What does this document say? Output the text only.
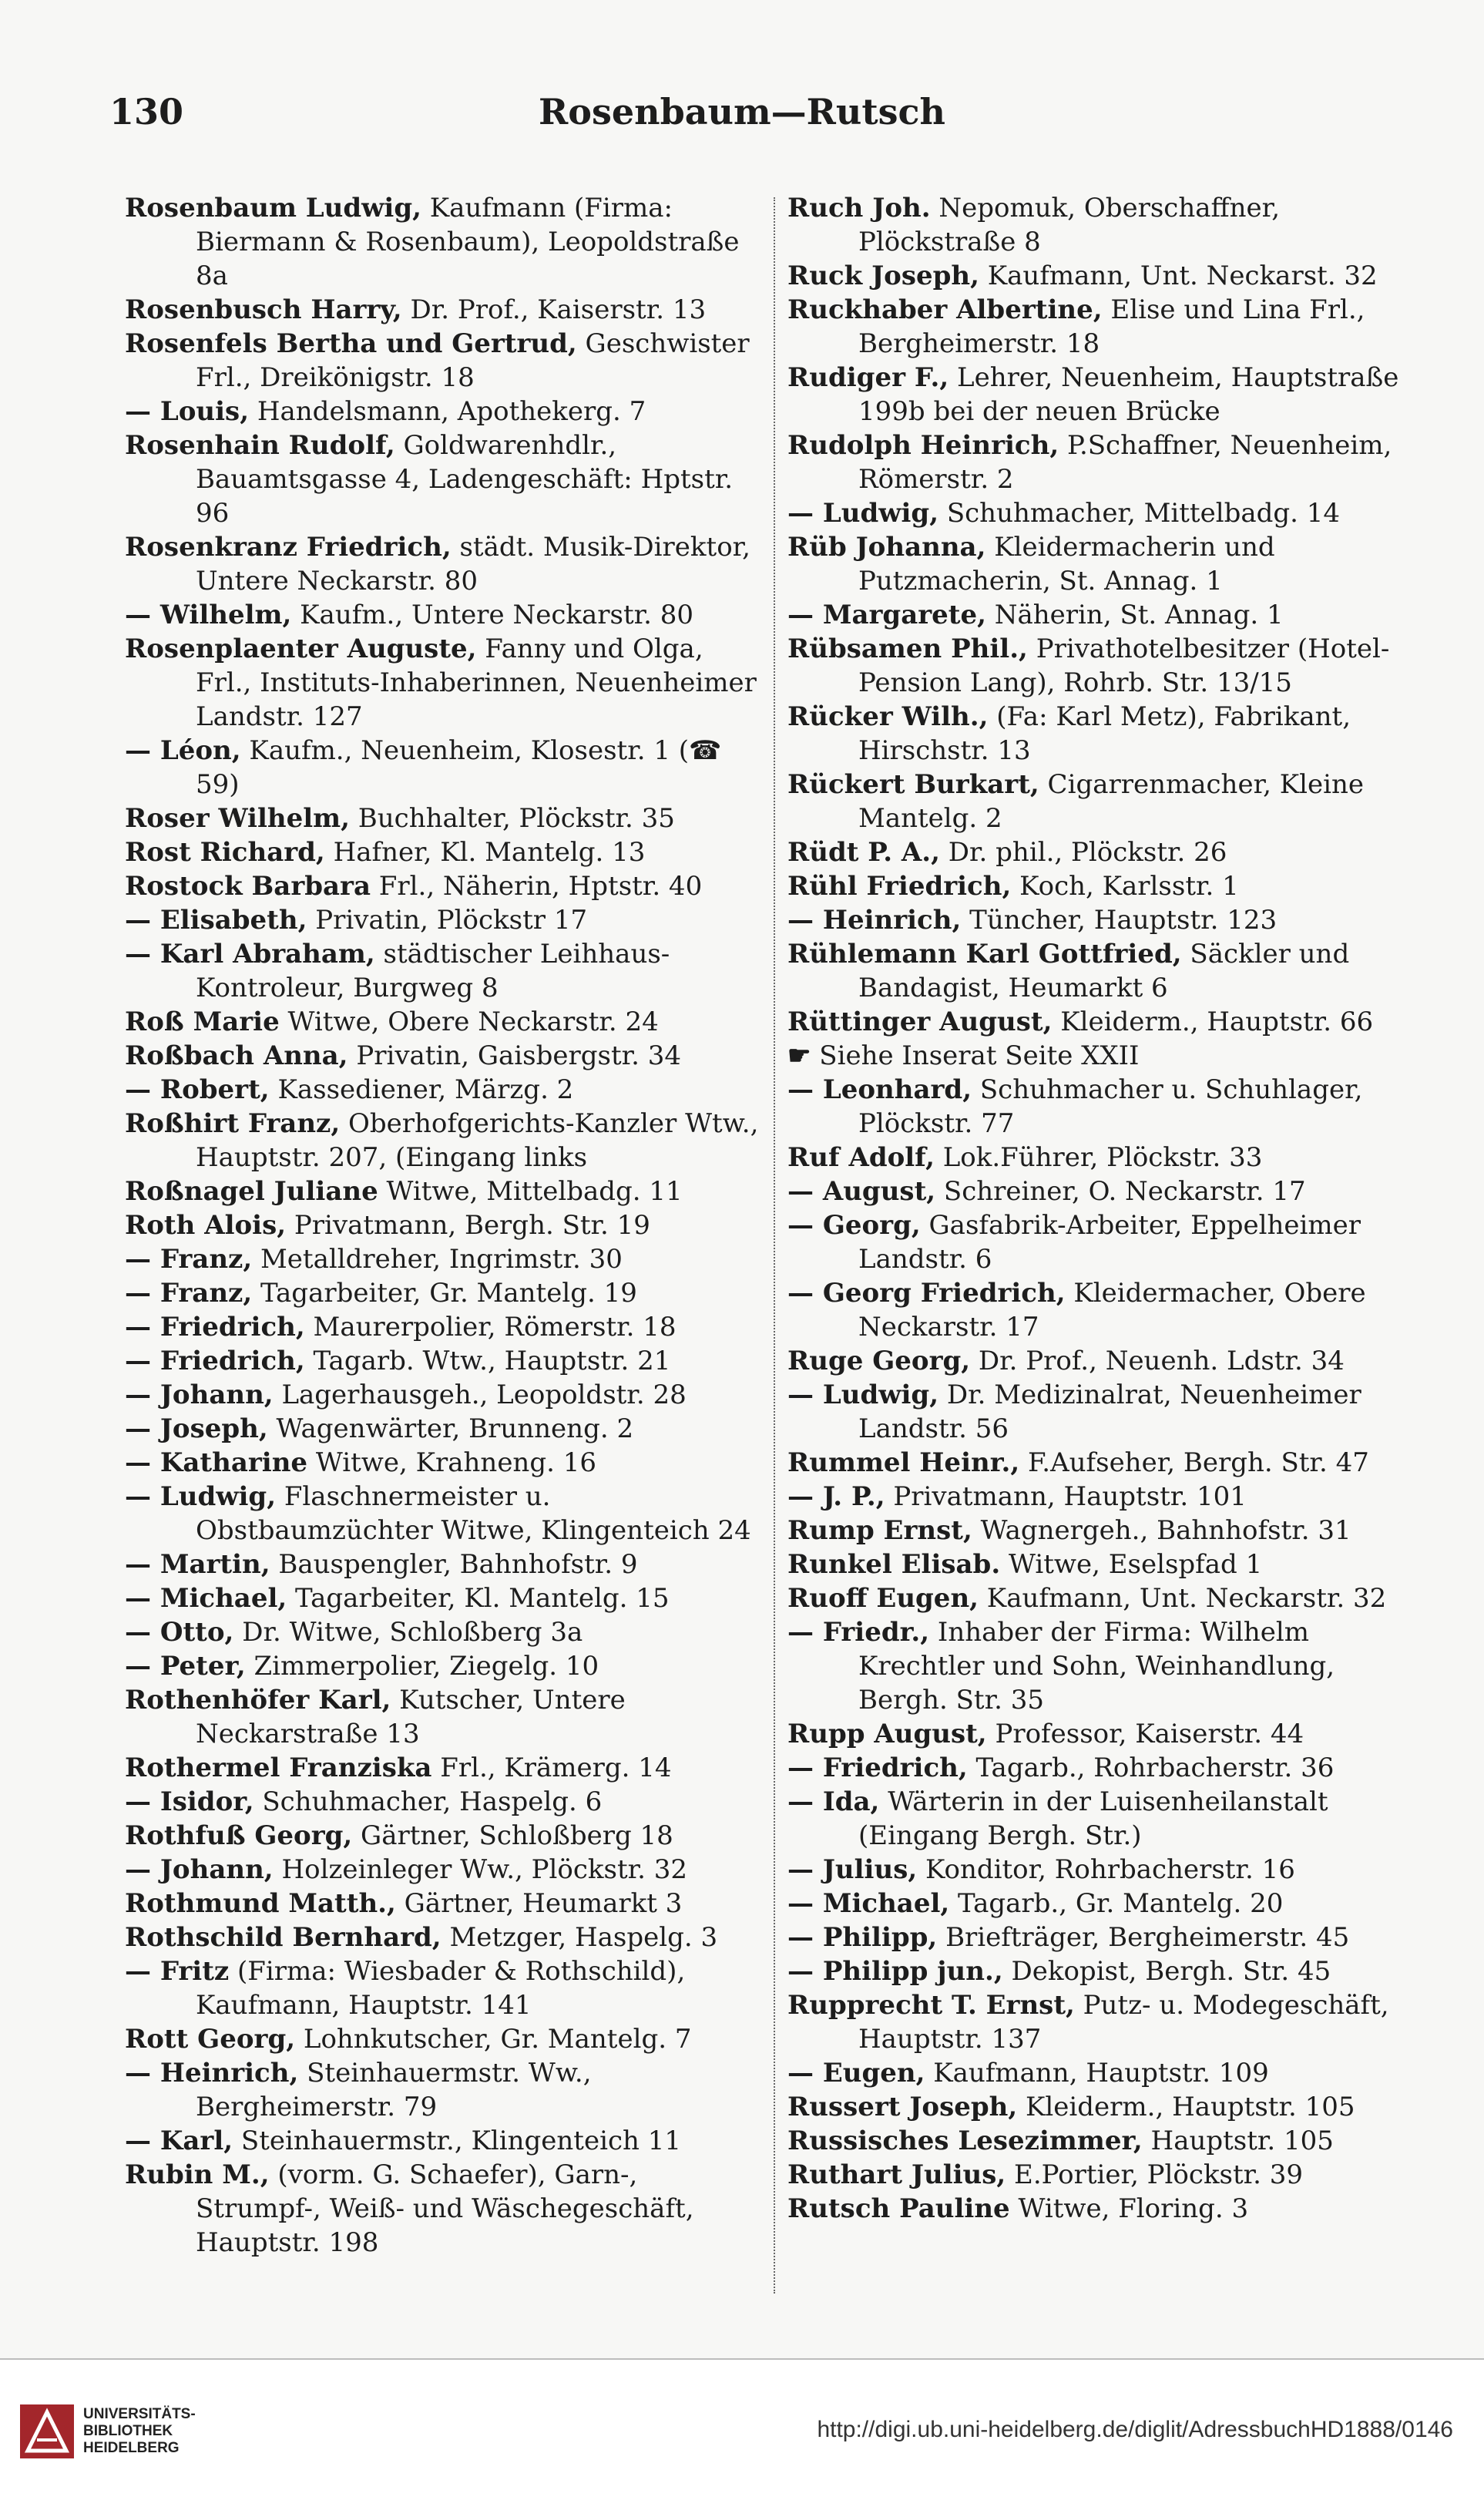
130	Rosenbaum—Rutsch
Rosenbaum Ludwig, Kaufmann (Firma: Biermann & Rosenbaum), Leopoldstraße 8a
Rosenbusch Harry, Dr. Prof., Kaiserstr. 13
Rosenfels Bertha und Gertrud, Geschwister Frl., Dreikönigstr. 18
— Louis, Handelsmann, Apothekerg. 7
Rosenhain Rudolf, Goldwarenhdlr., Bauamtsgasse 4, Ladengeschäft: Hptstr. 96
Rosenkranz Friedrich, städt. Musik-Direktor, Untere Neckarstr. 80
— Wilhelm, Kaufm., Untere Neckarstr. 80
Rosenplaenter Auguste, Fanny und Olga, Frl., Instituts-Inhaberinnen, Neuenheimer Landstr. 127
— Léon, Kaufm., Neuenheim, Klosestr. 1 (☎ 59)
Roser Wilhelm, Buchhalter, Plöckstr. 35
Rost Richard, Hafner, Kl. Mantelg. 13
Rostock Barbara Frl., Näherin, Hptstr. 40
— Elisabeth, Privatin, Plöckstr 17
— Karl Abraham, städtischer Leihhaus-Kontroleur, Burgweg 8
Roß Marie Witwe, Obere Neckarstr. 24
Roßbach Anna, Privatin, Gaisbergstr. 34
— Robert, Kassediener, Märzg. 2
Roßhirt Franz, Oberhofgerichts-Kanzler Wtw., Hauptstr. 207, (Eingang links
Roßnagel Juliane Witwe, Mittelbadg. 11
Roth Alois, Privatmann, Bergh. Str. 19
— Franz, Metalldreher, Ingrimstr. 30
— Franz, Tagarbeiter, Gr. Mantelg. 19
— Friedrich, Maurerpolier, Römerstr. 18
— Friedrich, Tagarb. Wtw., Hauptstr. 21
— Johann, Lagerhausgeh., Leopoldstr. 28
— Joseph, Wagenwärter, Brunneng. 2
— Katharine Witwe, Krahneng. 16
— Ludwig, Flaschnermeister u. Obstbaumzüchter Witwe, Klingenteich 24
— Martin, Bauspengler, Bahnhofstr. 9
— Michael, Tagarbeiter, Kl. Mantelg. 15
— Otto, Dr. Witwe, Schloßberg 3a
— Peter, Zimmerpolier, Ziegelg. 10
Rothenhöfer Karl, Kutscher, Untere Neckarstraße 13
Rothermel Franziska Frl., Krämerg. 14
— Isidor, Schuhmacher, Haspelg. 6
Rothfuß Georg, Gärtner, Schloßberg 18
— Johann, Holzeinleger Ww., Plöckstr. 32
Rothmund Matth., Gärtner, Heumarkt 3
Rothschild Bernhard, Metzger, Haspelg. 3
— Fritz (Firma: Wiesbader & Rothschild), Kaufmann, Hauptstr. 141
Rott Georg, Lohnkutscher, Gr. Mantelg. 7
— Heinrich, Steinhauermstr. Ww., Bergheimerstr. 79
— Karl, Steinhauermstr., Klingenteich 11
Rubin M., (vorm. G. Schaefer), Garn-, Strumpf-, Weiß- und Wäschegeschäft, Hauptstr. 198
Ruch Joh. Nepomuk, Oberschaffner, Plöckstraße 8
Ruck Joseph, Kaufmann, Unt. Neckarst. 32
Ruckhaber Albertine, Elise und Lina Frl., Bergheimerstr. 18
Rudiger F., Lehrer, Neuenheim, Hauptstraße 199b bei der neuen Brücke
Rudolph Heinrich, P.Schaffner, Neuenheim, Römerstr. 2
— Ludwig, Schuhmacher, Mittelbadg. 14
Rüb Johanna, Kleidermacherin und Putzmacherin, St. Annag. 1
— Margarete, Näherin, St. Annag. 1
Rübsamen Phil., Privathotelbesitzer (Hotel-Pension Lang), Rohrb. Str. 13/15
Rücker Wilh., (Fa: Karl Metz), Fabrikant, Hirschstr. 13
Rückert Burkart, Cigarrenmacher, Kleine Mantelg. 2
Rüdt P. A., Dr. phil., Plöckstr. 26
Rühl Friedrich, Koch, Karlsstr. 1
— Heinrich, Tüncher, Hauptstr. 123
Rühlemann Karl Gottfried, Säckler und Bandagist, Heumarkt 6
Rüttinger August, Kleiderm., Hauptstr. 66
☛ Siehe Inserat Seite XXII
— Leonhard, Schuhmacher u. Schuhlager, Plöckstr. 77
Ruf Adolf, Lok.Führer, Plöckstr. 33
— August, Schreiner, O. Neckarstr. 17
— Georg, Gasfabrik-Arbeiter, Eppelheimer Landstr. 6
— Georg Friedrich, Kleidermacher, Obere Neckarstr. 17
Ruge Georg, Dr. Prof., Neuenh. Ldstr. 34
— Ludwig, Dr. Medizinalrat, Neuenheimer Landstr. 56
Rummel Heinr., F.Aufseher, Bergh. Str. 47
— J. P., Privatmann, Hauptstr. 101
Rump Ernst, Wagnergeh., Bahnhofstr. 31
Runkel Elisab. Witwe, Eselspfad 1
Ruoff Eugen, Kaufmann, Unt. Neckarstr. 32
— Friedr., Inhaber der Firma: Wilhelm Krechtler und Sohn, Weinhandlung, Bergh. Str. 35
Rupp August, Professor, Kaiserstr. 44
— Friedrich, Tagarb., Rohrbacherstr. 36
— Ida, Wärterin in der Luisenheilanstalt (Eingang Bergh. Str.)
— Julius, Konditor, Rohrbacherstr. 16
— Michael, Tagarb., Gr. Mantelg. 20
— Philipp, Briefträger, Bergheimerstr. 45
— Philipp jun., Dekopist, Bergh. Str. 45
Rupprecht T. Ernst, Putz- u. Modegeschäft, Hauptstr. 137
— Eugen, Kaufmann, Hauptstr. 109
Russert Joseph, Kleiderm., Hauptstr. 105
Russisches Lesezimmer, Hauptstr. 105
Ruthart Julius, E.Portier, Plöckstr. 39
Rutsch Pauline Witwe, Floring. 3
UNIVERSITÄTS-
BIBLIOTHEK
HEIDELBERG
http://digi.ub.uni-heidelberg.de/diglit/AdressbuchHD1888/0146
